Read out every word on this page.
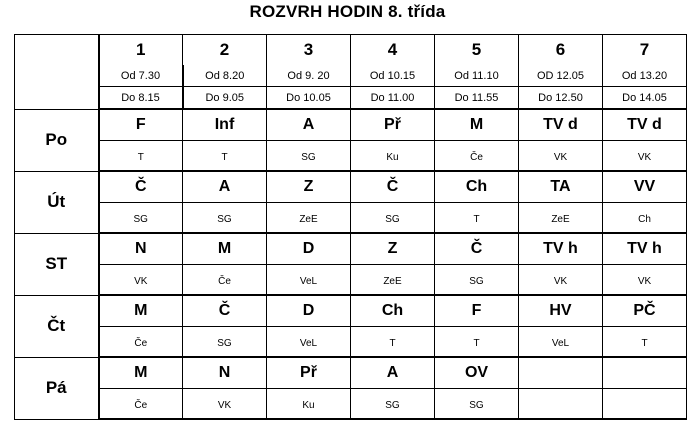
ROZVRH HODIN 8. třída
	1	2	3	4	5	6	7
	Od 7.30	Od 8.20	Od 9. 20	Od 10.15	Od 11.10	OD 12.05	Od 13.20
	Do 8.15	Do 9.05	Do 10.05	Do 11.00	Do 11.55	Do 12.50	Do 14.05
Po	F	Inf	A	Př	M	TV d	TV d
	T	T	SG	Ku	Če	VK	VK
Út	Č	A	Z	Č	Ch	TA	VV
	SG	SG	ZeE	SG	T	ZeE	Ch
ST	N	M	D	Z	Č	TV h	TV h
	VK	Če	VeL	ZeE	SG	VK	VK
Čt	M	Č	D	Ch	F	HV	PČ
	Če	SG	VeL	T	T	VeL	T
Pá	M	N	Př	A	OV		
	Če	VK	Ku	SG	SG		
